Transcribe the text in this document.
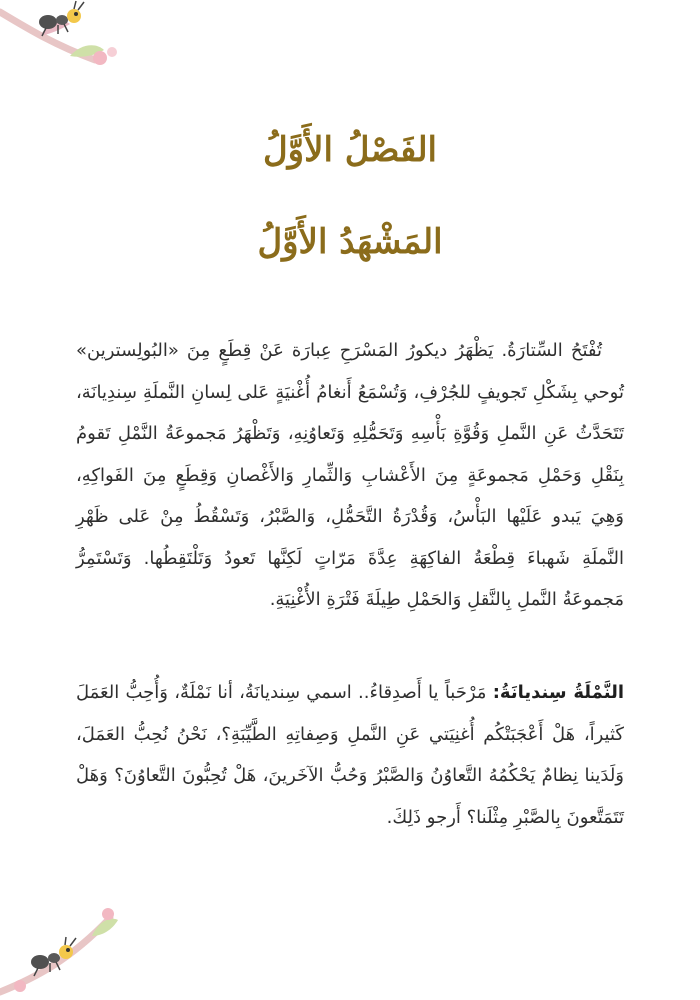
الفَصْلُ الأَوَّلُ
المَشْهَدُ الأَوَّلُ
تُفْتَحُ السِّتارَةُ. يَظْهَرُ ديكورُ المَسْرَحِ عِبارَة عَنْ قِطَعٍ مِنَ «البُولِسترين» تُوحي بِشَكْلِ تَجويفٍ للجُرْفِ، وَتُسْمَعُ أَنغامُ أُغْنيَةٍ عَلى لِسانِ النَّملَةِ سِندِيانَة، تَتَحَدَّثُ عَنِ النَّملِ وَقُوَّةِ بَأْسِهِ وَتَحَمُّلِهِ وَتَعاوُنِهِ، وَتَظْهَرُ مَجموعَةُ النَّمْلِ تَقومُ بِنَقْلِ وَحَمْلِ مَجموعَةٍ مِنَ الأَعْشابِ وَالثِّمارِ وَالأَغْصانِ وَقِطَعٍ مِنَ الفَواكِهِ، وَهِيَ يَبدو عَلَيْها البَأْسُ، وَقُدْرَةُ التَّحَمُّلِ، وَالصَّبْرُ، وَتَسْقُطُ مِنْ عَلى ظَهْرِ النَّملَةِ شَهباءَ قِطْعَةُ الفاكِهَةِ عِدَّةَ مَرّاتٍ لَكِنَّها تَعودُ وَتَلْتَقِطُها. وَتَسْتَمِرُّ مَجموعَةُ النَّملِ بِالنَّقلِ وَالحَمْلِ طِيلَةَ فَتْرَةِ الأُغْنِيَةِ.
النَّمْلَةُ سِنديانَةُ: مَرْحَباً يا أَصدِقاءُ.. اسمي سِنديانَةُ، أنا نَمْلَةٌ، وَأُحِبُّ العَمَلَ كَثيراً، هَلْ أَعْجَبَتْكُم أُغنِيَتي عَنِ النَّملِ وَصِفاتِهِ الطَّيِّبَةِ؟، نَحْنُ نُحِبُّ العَمَلَ، وَلَدَينا نِظامٌ يَحْكُمُهُ التَّعاوُنُ وَالصَّبْرُ وَحُبُّ الآخَرينَ، هَلْ تُحِبُّونَ التَّعاوُنَ؟ وَهَلْ تَتَمَتَّعونَ بِالصَّبْرِ مِثْلَنا؟ أَرجو ذَلِكَ.
